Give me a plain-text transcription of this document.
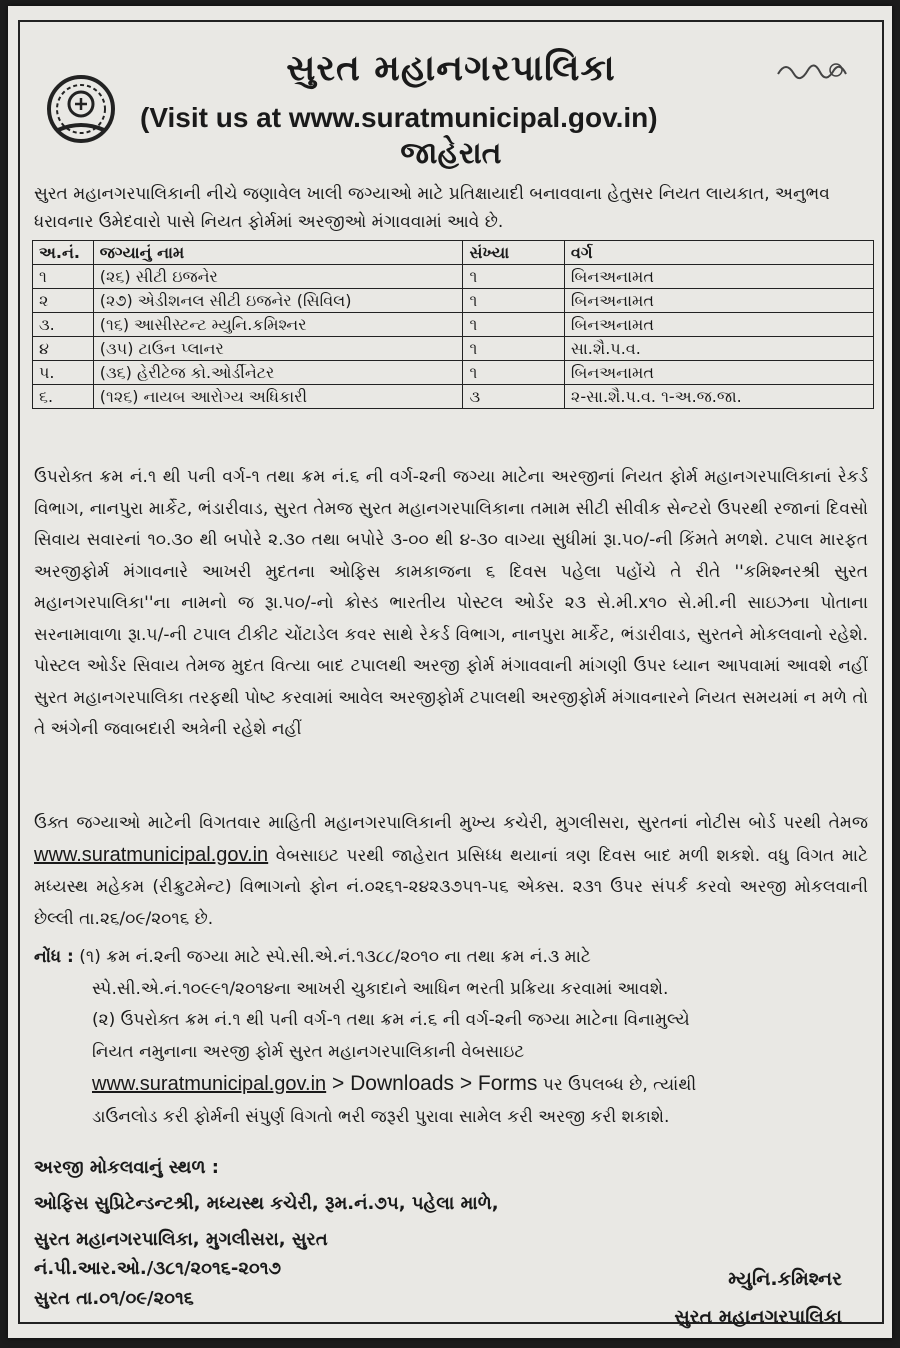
સુરત મહાનગરપાલિકા
(Visit us at www.suratmunicipal.gov.in)
જાહેરાત
સુરત મહાનગરપાલિકાની નીચે જણાવેલ ખાલી જગ્યાઓ માટે પ્રતિક્ષાયાદી બનાવવાના હેતુસર નિયત લાયકાત, અનુભવ ધરાવનાર ઉમેદવારો પાસે નિયત ફોર્મમાં અરજીઓ મંગાવવામાં આવે છે.
અ.નં.	જગ્યાનું નામ	સંખ્યા	વર્ગ
૧	(૨૬) સીટી ઇજનેર	૧	બિનઅનામત
૨	(૨૭) એડીશનલ સીટી ઇજનેર (સિવિલ)	૧	બિનઅનામત
૩.	(૧૬) આસીસ્ટન્ટ મ્યુનિ.કમિશ્નર	૧	બિનઅનામત
૪	(૩૫) ટાઉન પ્લાનર	૧	સા.શૈ.પ.વ.
પ.	(૩૬) હેરીટેજ કો.ઓર્ડીનેટર	૧	બિનઅનામત
૬.	(૧૨૬) નાયબ આરોગ્ય અધિકારી	૩	૨-સા.શૈ.પ.વ. ૧-અ.જ.જા.
ઉપરોક્ત ક્રમ નં.૧ થી ૫ની વર્ગ-૧ તથા ક્રમ નં.૬ ની વર્ગ-૨ની જગ્યા માટેના અરજીનાં નિયત ફોર્મ મહાનગરપાલિકાનાં રેકર્ડ વિભાગ, નાનપુરા માર્કેટ, ભંડારીવાડ, સુરત તેમજ સુરત મહાનગરપાલિકાના તમામ સીટી સીવીક સેન્ટરો ઉપરથી રજાનાં દિવસો સિવાય સવારનાં ૧૦.૩૦ થી બપોરે ૨.૩૦ તથા બપોરે ૩-૦૦ થી ૪-૩૦ વાગ્યા સુધીમાં રૂા.૫૦/-ની કિંમતે મળશે. ટપાલ મારફત અરજીફોર્મ મંગાવનારે આખરી મુદતના ઓફિસ કામકાજના ૬ દિવસ પહેલા પહોંચે તે રીતે ''કમિશ્નરશ્રી સુરત મહાનગરપાલિકા''ના નામનો જ રૂા.૫૦/-નો ક્રોસ્ડ ભારતીય પોસ્ટલ ઓર્ડર ૨૩ સે.મી.x૧૦ સે.મી.ની સાઇઝના પોતાના સરનામાવાળા રૂા.૫/-ની ટપાલ ટીકીટ ચોંટાડેલ કવર સાથે રેકર્ડ વિભાગ, નાનપુરા માર્કેટ, ભંડારીવાડ, સુરતને મોકલવાનો રહેશે. પોસ્ટલ ઓર્ડર સિવાય તેમજ મુદત વિત્યા બાદ ટપાલથી અરજી ફોર્મ મંગાવવાની માંગણી ઉપર ધ્યાન આપવામાં આવશે નહીં સુરત મહાનગરપાલિકા તરફથી પોષ્ટ કરવામાં આવેલ અરજીફોર્મ ટપાલથી અરજીફોર્મ મંગાવનારને નિયત સમયમાં ન મળે તો તે અંગેની જવાબદારી અત્રેની રહેશે નહીં
ઉક્ત જગ્યાઓ માટેની વિગતવાર માહિતી મહાનગરપાલિકાની મુખ્ય કચેરી, મુગલીસરા, સુરતનાં નોટીસ બોર્ડ પરથી તેમજ www.suratmunicipal.gov.in વેબસાઇટ પરથી જાહેરાત પ્રસિધ્ધ થયાનાં ત્રણ દિવસ બાદ મળી શકશે. વધુ વિગત માટે મધ્યસ્થ મહેકમ (રીક્રુટમેન્ટ) વિભાગનો ફોન નં.૦૨૬૧-૨૪૨૩૭૫૧-૫૬ એક્સ. ૨૩૧ ઉપર સંપર્ક કરવો અરજી મોકલવાની છેલ્લી તા.૨૬/૦૯/૨૦૧૬ છે.
નોંધ : (૧) ક્રમ નં.૨ની જગ્યા માટે સ્પે.સી.એ.નં.૧૩૮૮/૨૦૧૦ ના તથા ક્રમ નં.૩ માટે
સ્પે.સી.એ.નં.૧૦૯૯૧/૨૦૧૪ના આખરી ચુકાદાને આધિન ભરતી પ્રક્રિયા કરવામાં આવશે.
(૨) ઉપરોક્ત ક્રમ નં.૧ થી ૫ની વર્ગ-૧ તથા ક્રમ નં.૬ ની વર્ગ-૨ની જગ્યા માટેના વિનામુલ્યે
નિયત નમુનાના અરજી ફોર્મ સુરત મહાનગરપાલિકાની વેબસાઇટ
www.suratmunicipal.gov.in > Downloads > Forms પર ઉપલબ્ધ છે, ત્યાંથી
ડાઉનલોડ કરી ફોર્મની સંપુર્ણ વિગતો ભરી જરૂરી પુરાવા સામેલ કરી અરજી કરી શકાશે.
અરજી મોકલવાનું સ્થળ :
ઓફિસ સુપ્રિટેન્ડન્ટશ્રી, મધ્યસ્થ કચેરી, રૂમ.નં.૭૫, પહેલા માળે,
સુરત મહાનગરપાલિકા, મુગલીસરા, સુરત
નં.પી.આર.ઓ./૩૮૧/૨૦૧૬-૨૦૧૭
સુરત તા.૦૧/૦૯/૨૦૧૬
મ્યુનિ.કમિશ્નર
સુરત મહાનગરપાલિકા
